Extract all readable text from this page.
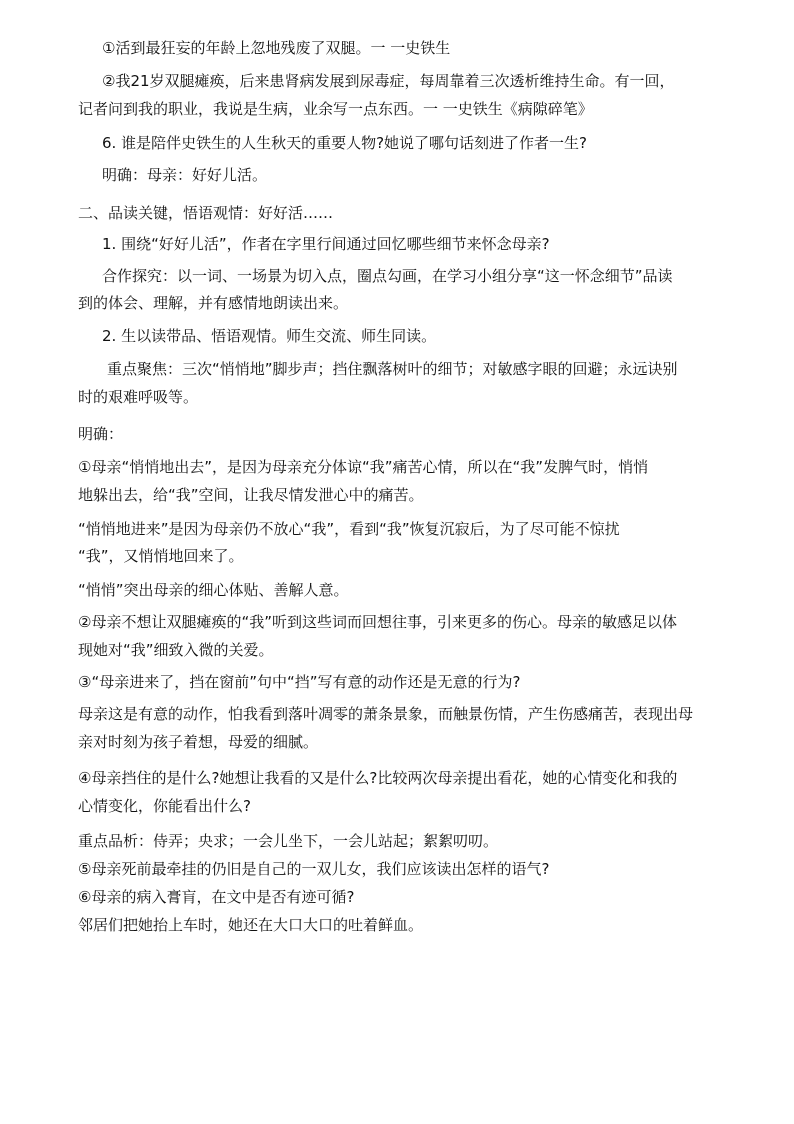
①活到最狂妄的年龄上忽地残废了双腿。一 一史铁生
②我21岁双腿瘫痪，后来患肾病发展到尿毒症，每周靠着三次透析维持生命。有一回，
记者问到我的职业，我说是生病，业余写一点东西。一 一史铁生《病隙碎笔》
6. 谁是陪伴史铁生的人生秋天的重要人物?她说了哪句话刻进了作者一生?
明确：母亲：好好儿活。
二、品读关键，悟语观情：好好活……
1. 围绕“好好儿活”，作者在字里行间通过回忆哪些细节来怀念母亲?
合作探究：以一词、一场景为切入点，圈点勾画，在学习小组分享“这一怀念细节”品读
到的体会、理解，并有感情地朗读出来。
2. 生以读带品、悟语观情。师生交流、师生同读。
重点聚焦：三次“悄悄地”脚步声；挡住飘落树叶的细节；对敏感字眼的回避；永远诀别
时的艰难呼吸等。
明确：
①母亲“悄悄地出去”，是因为母亲充分体谅“我”痛苦心情，所以在“我”发脾气时，悄悄
地躲出去，给“我”空间，让我尽情发泄心中的痛苦。
“悄悄地进来”是因为母亲仍不放心“我”，看到“我”恢复沉寂后，为了尽可能不惊扰
“我”，又悄悄地回来了。
“悄悄”突出母亲的细心体贴、善解人意。
②母亲不想让双腿瘫痪的“我”听到这些词而回想往事，引来更多的伤心。母亲的敏感足以体
现她对“我”细致入微的关爱。
③“母亲进来了，挡在窗前”句中“挡”写有意的动作还是无意的行为?
母亲这是有意的动作，怕我看到落叶凋零的萧条景象，而触景伤情，产生伤感痛苦，表现出母
亲对时刻为孩子着想，母爱的细腻。
④母亲挡住的是什么?她想让我看的又是什么?比较两次母亲提出看花，她的心情变化和我的
心情变化，你能看出什么?
重点品析：侍弄；央求；一会儿坐下，一会儿站起；絮絮叨叨。
⑤母亲死前最牵挂的仍旧是自己的一双儿女，我们应该读出怎样的语气?
⑥母亲的病入膏肓，在文中是否有迹可循?
邻居们把她抬上车时，她还在大口大口的吐着鲜血。
